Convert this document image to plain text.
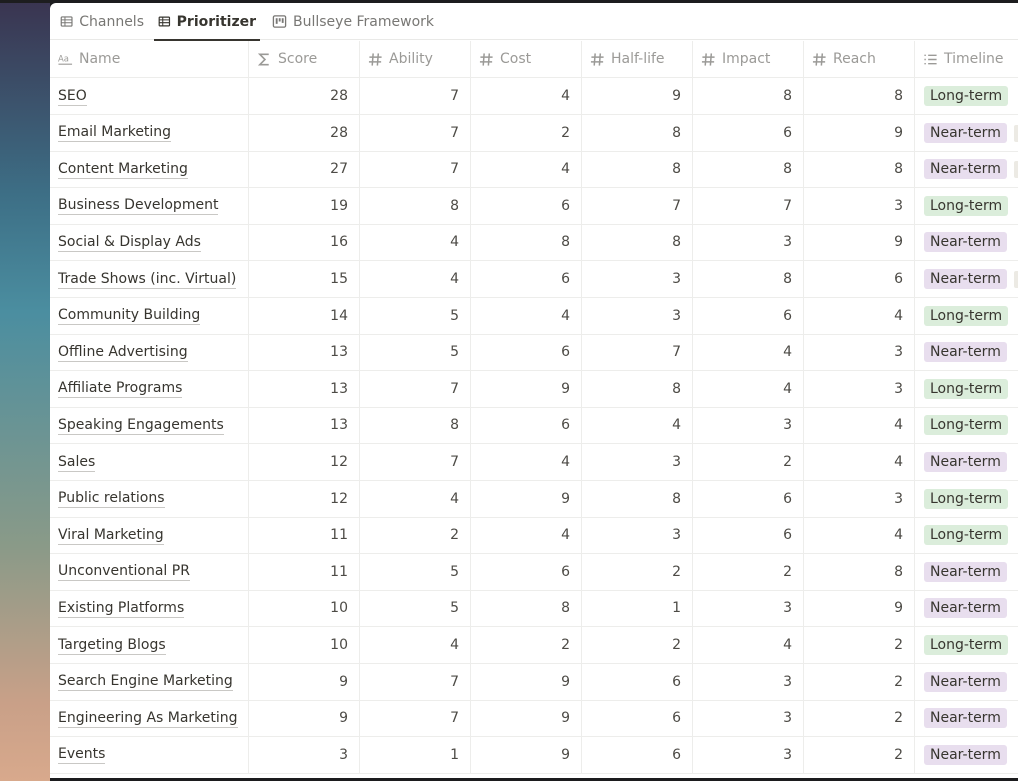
Channels Prioritizer	Bullseye Framework
Aa Name	Score	Ability	Cost	Half-life	Impact	Reach	Timeline
SEO	28	7	4	9	8	8	Long-term
Email Marketing	28	7	2	8	6	9	Near-term
Content Marketing	27	7	4	8	8	8	Near-term
Business Development	19	8	6	7	7	3	Long-term
Social & Display Ads	16	4	8	8	3	9	Near-term
Trade Shows (inc. Virtual)	15	4	6	3	8	6	Near-term
Community Building	14	5	4	3	6	4	Long-term
Offline Advertising	13	5	6	7	4	3	Near-term
Affiliate Programs	13	7	9	8	4	3	Long-term
Speaking Engagements	13	8	6	4	3	4	Long-term
Sales	12	7	4	3	2	4	Near-term
Public relations	12	4	9	8	6	3	Long-term
Viral Marketing	11	2	4	3	6	4	Long-term
Unconventional PR	11	5	6	2	2	8	Near-term
Existing Platforms	10	5	8	1	3	9	Near-term
Targeting Blogs	10	4	2	2	4	2	Long-term
Search Engine Marketing	9	7	9	6	3	2	Near-term
Engineering As Marketing	9	7	9	6	3	2	Near-term
Events	3	1	9	6	3	2	Near-term
